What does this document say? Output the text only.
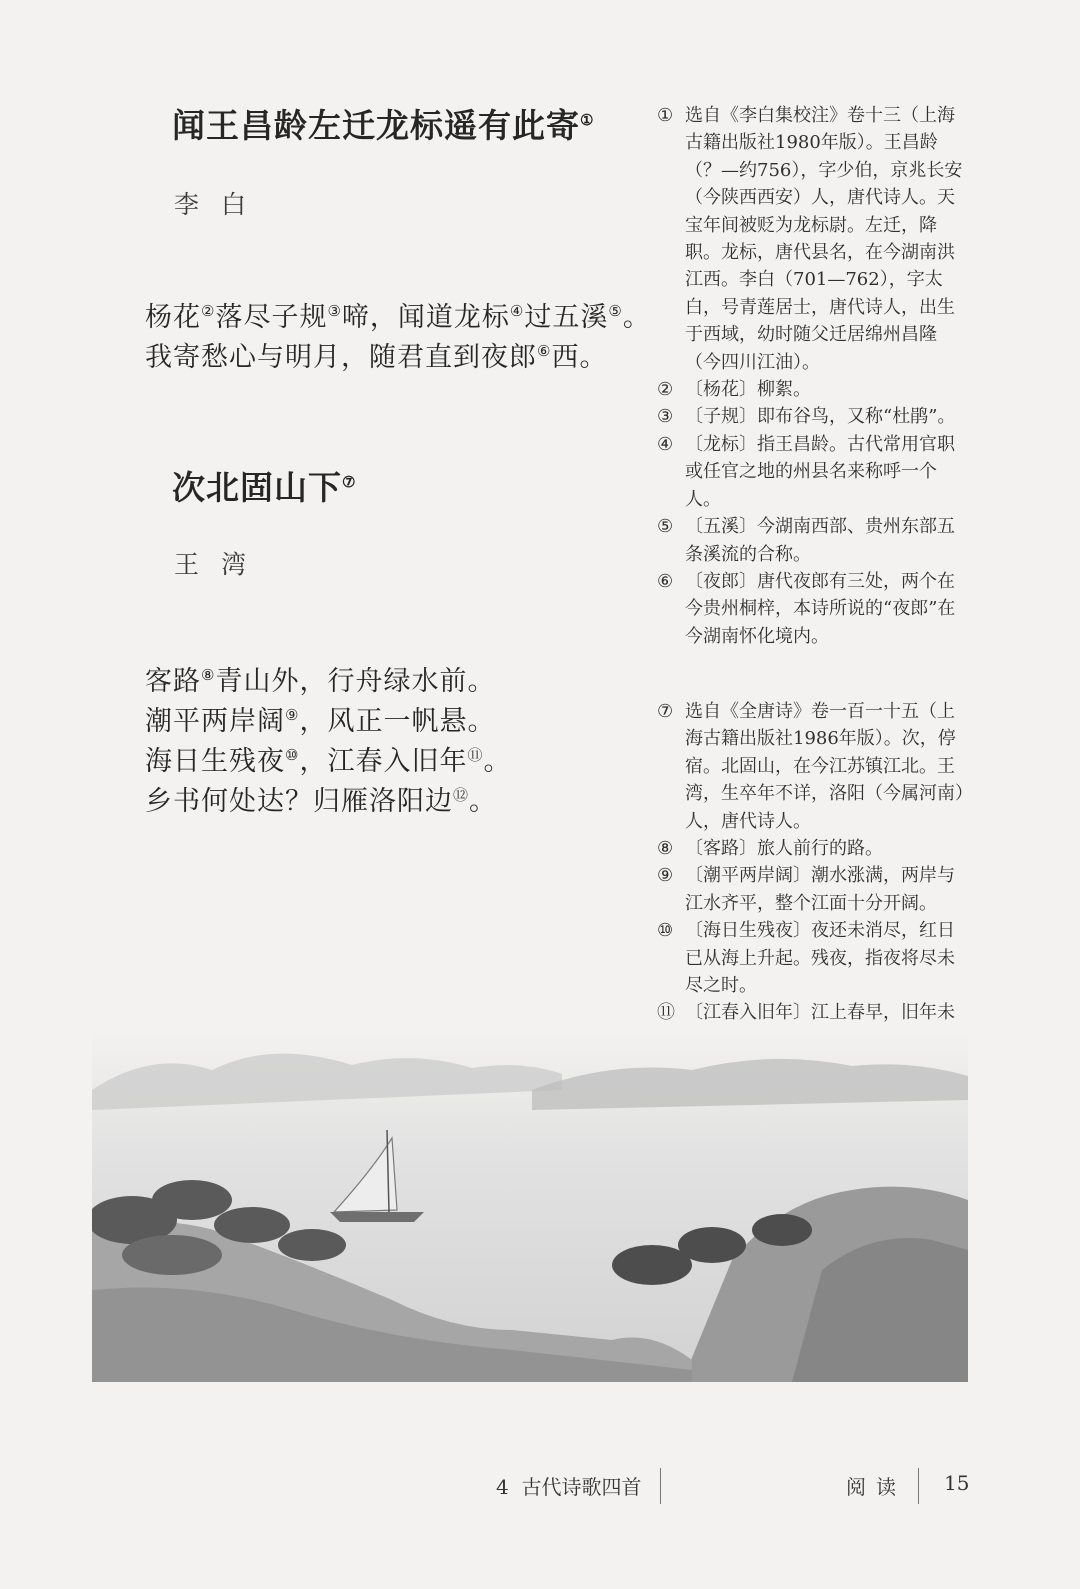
闻王昌龄左迁龙标遥有此寄①
李白
杨花②落尽子规③啼，闻道龙标④过五溪⑤。
我寄愁心与明月，随君直到夜郎⑥西。
次北固山下⑦
王湾
客路⑧青山外，行舟绿水前。
潮平两岸阔⑨，风正一帆悬。
海日生残夜⑩，江春入旧年⑪。
乡书何处达？归雁洛阳边⑫。
① 选自《李白集校注》卷十三（上海古籍出版社1980年版）。王昌龄（？—约756），字少伯，京兆长安（今陕西西安）人，唐代诗人。天宝年间被贬为龙标尉。左迁，降职。龙标，唐代县名，在今湖南洪江西。李白（701—762），字太白，号青莲居士，唐代诗人，出生于西域，幼时随父迁居绵州昌隆（今四川江油）。
② 〔杨花〕柳絮。
③ 〔子规〕即布谷鸟，又称“杜鹃”。
④ 〔龙标〕指王昌龄。古代常用官职或任官之地的州县名来称呼一个人。
⑤ 〔五溪〕今湖南西部、贵州东部五条溪流的合称。
⑥ 〔夜郎〕唐代夜郎有三处，两个在今贵州桐梓，本诗所说的“夜郎”在今湖南怀化境内。
⑦ 选自《全唐诗》卷一百一十五（上海古籍出版社1986年版）。次，停宿。北固山，在今江苏镇江北。王湾，生卒年不详，洛阳（今属河南）人，唐代诗人。
⑧ 〔客路〕旅人前行的路。
⑨ 〔潮平两岸阔〕潮水涨满，两岸与江水齐平，整个江面十分开阔。
⑩ 〔海日生残夜〕夜还未消尽，红日已从海上升起。残夜，指夜将尽未尽之时。
⑪ 〔江春入旧年〕江上春早，旧年未
4 古代诗歌四首	阅读 15
